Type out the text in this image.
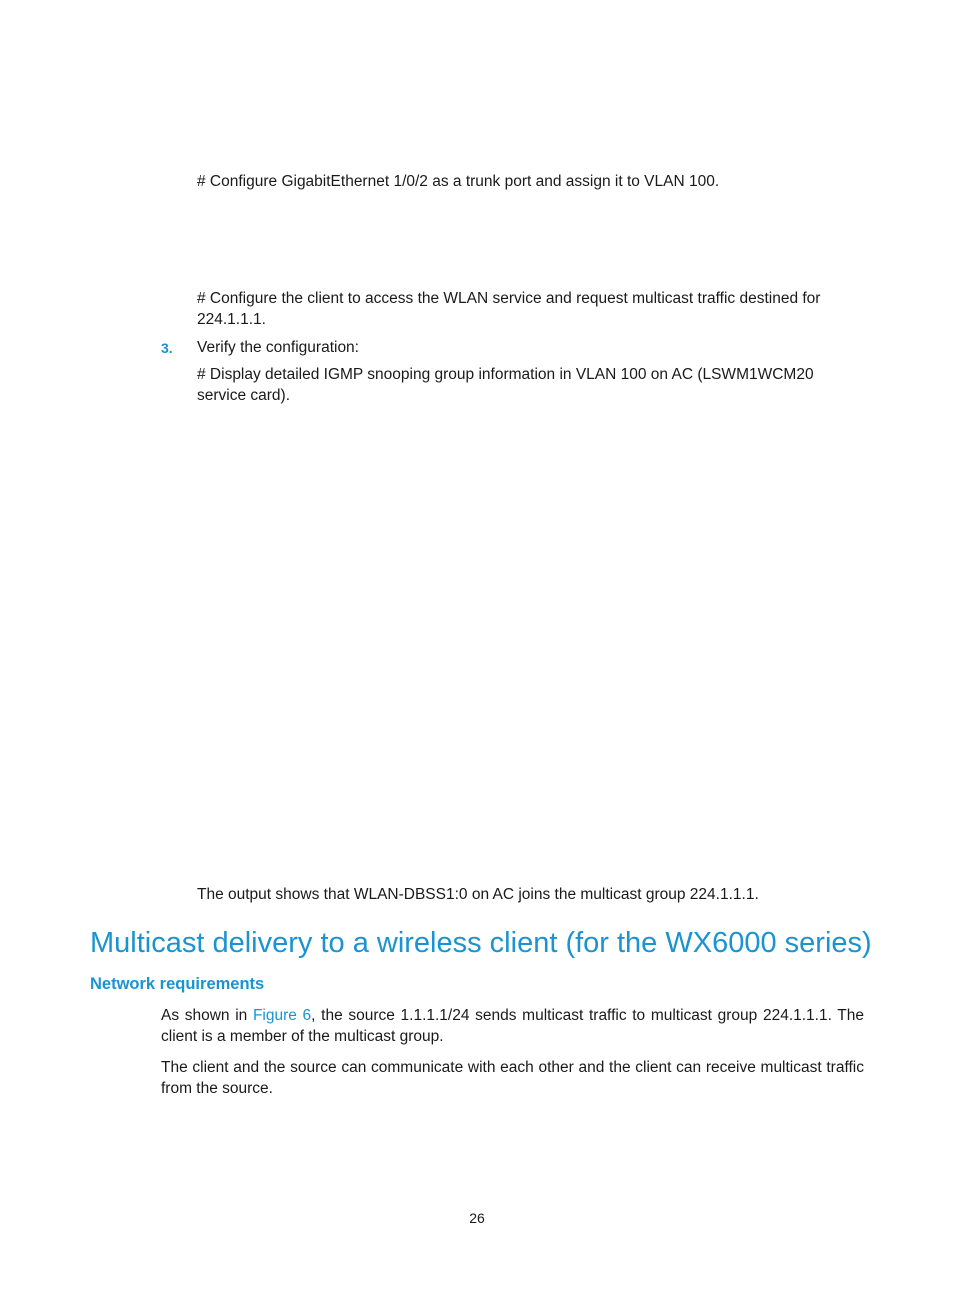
# Configure GigabitEthernet 1/0/2 as a trunk port and assign it to VLAN 100.

# Configure the client to access the WLAN service and request multicast traffic destined for 224.1.1.1.

3. Verify the configuration:

# Display detailed IGMP snooping group information in VLAN 100 on AC (LSWM1WCM20 service card).

The output shows that WLAN-DBSS1:0 on AC joins the multicast group 224.1.1.1.

Multicast delivery to a wireless client (for the WX6000 series)
Network requirements

As shown in Figure 6, the source 1.1.1.1/24 sends multicast traffic to multicast group 224.1.1.1. The client is a member of the multicast group.

The client and the source can communicate with each other and the client can receive multicast traffic from the source.

26
